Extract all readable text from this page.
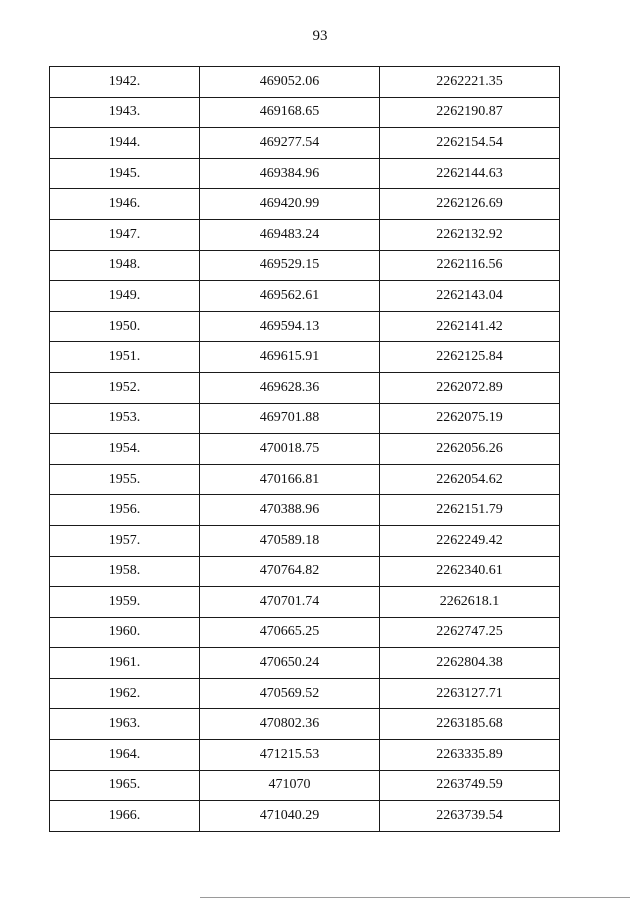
93
1942.	469052.06	2262221.35
1943.	469168.65	2262190.87
1944.	469277.54	2262154.54
1945.	469384.96	2262144.63
1946.	469420.99	2262126.69
1947.	469483.24	2262132.92
1948.	469529.15	2262116.56
1949.	469562.61	2262143.04
1950.	469594.13	2262141.42
1951.	469615.91	2262125.84
1952.	469628.36	2262072.89
1953.	469701.88	2262075.19
1954.	470018.75	2262056.26
1955.	470166.81	2262054.62
1956.	470388.96	2262151.79
1957.	470589.18	2262249.42
1958.	470764.82	2262340.61
1959.	470701.74	2262618.1
1960.	470665.25	2262747.25
1961.	470650.24	2262804.38
1962.	470569.52	2263127.71
1963.	470802.36	2263185.68
1964.	471215.53	2263335.89
1965.	471070	2263749.59
1966.	471040.29	2263739.54
